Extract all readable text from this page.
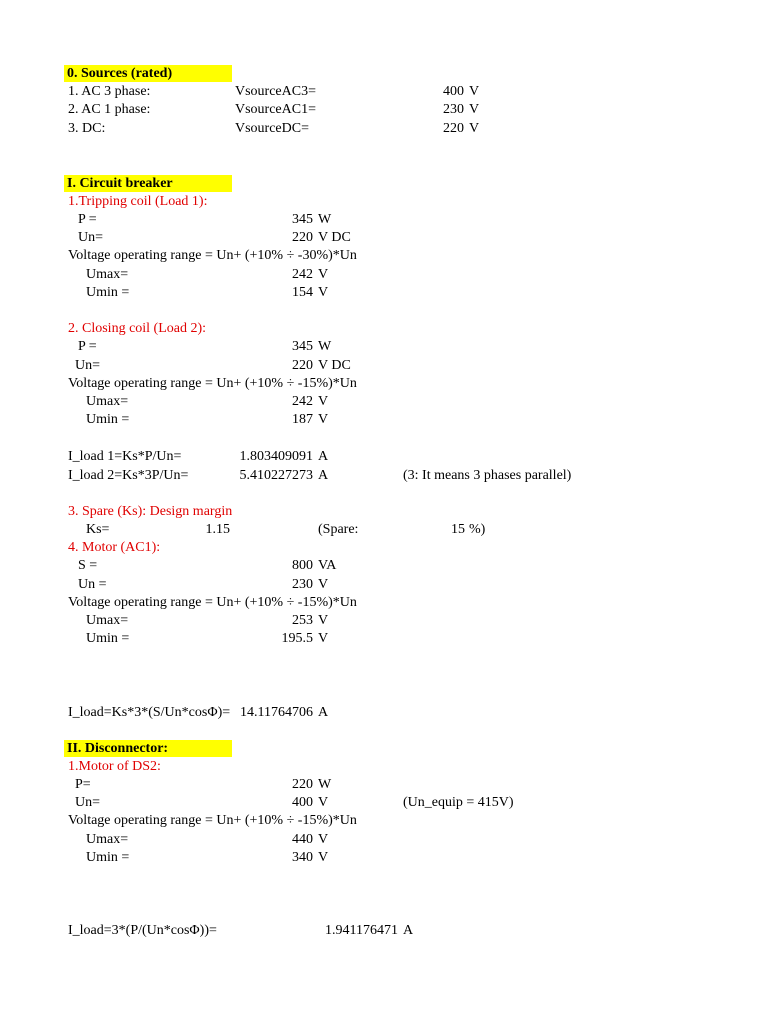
0. Sources (rated)
1. AC 3 phase:	VsourceAC3=	400 V
2. AC 1 phase:	VsourceAC1=	230 V
3. DC:	VsourceDC=	220 V
I. Circuit breaker
1.Tripping coil (Load 1):
P =	345 W
Un=	220 V DC
Voltage operating range = Un+ (+10% ÷ -30%)*Un
Umax=	242 V
Umin =	154 V
2. Closing coil (Load 2):
P =	345 W
Un=	220 V DC
Voltage operating range = Un+ (+10% ÷ -15%)*Un
Umax=	242 V
Umin =	187 V
I_load 1=Ks*P/Un=	1.803409091 A
I_load 2=Ks*3P/Un=	5.410227273 A	(3: It means 3 phases parallel)
3. Spare (Ks): Design margin
Ks=	1.15	(Spare:	15 %)
4. Motor (AC1):
S =	800 VA
Un =	230 V
Voltage operating range = Un+ (+10% ÷ -15%)*Un
Umax=	253 V
Umin =	195.5 V
I_load=Ks*3*(S/Un*cosΦ)= 14.11764706 A
II. Disconnector:
1.Motor of DS2:
P=	220 W
Un=	400 V	(Un_equip = 415V)
Voltage operating range = Un+ (+10% ÷ -15%)*Un
Umax=	440 V
Umin =	340 V
I_load=3*(P/(Un*cosΦ))=	1.941176471 A
